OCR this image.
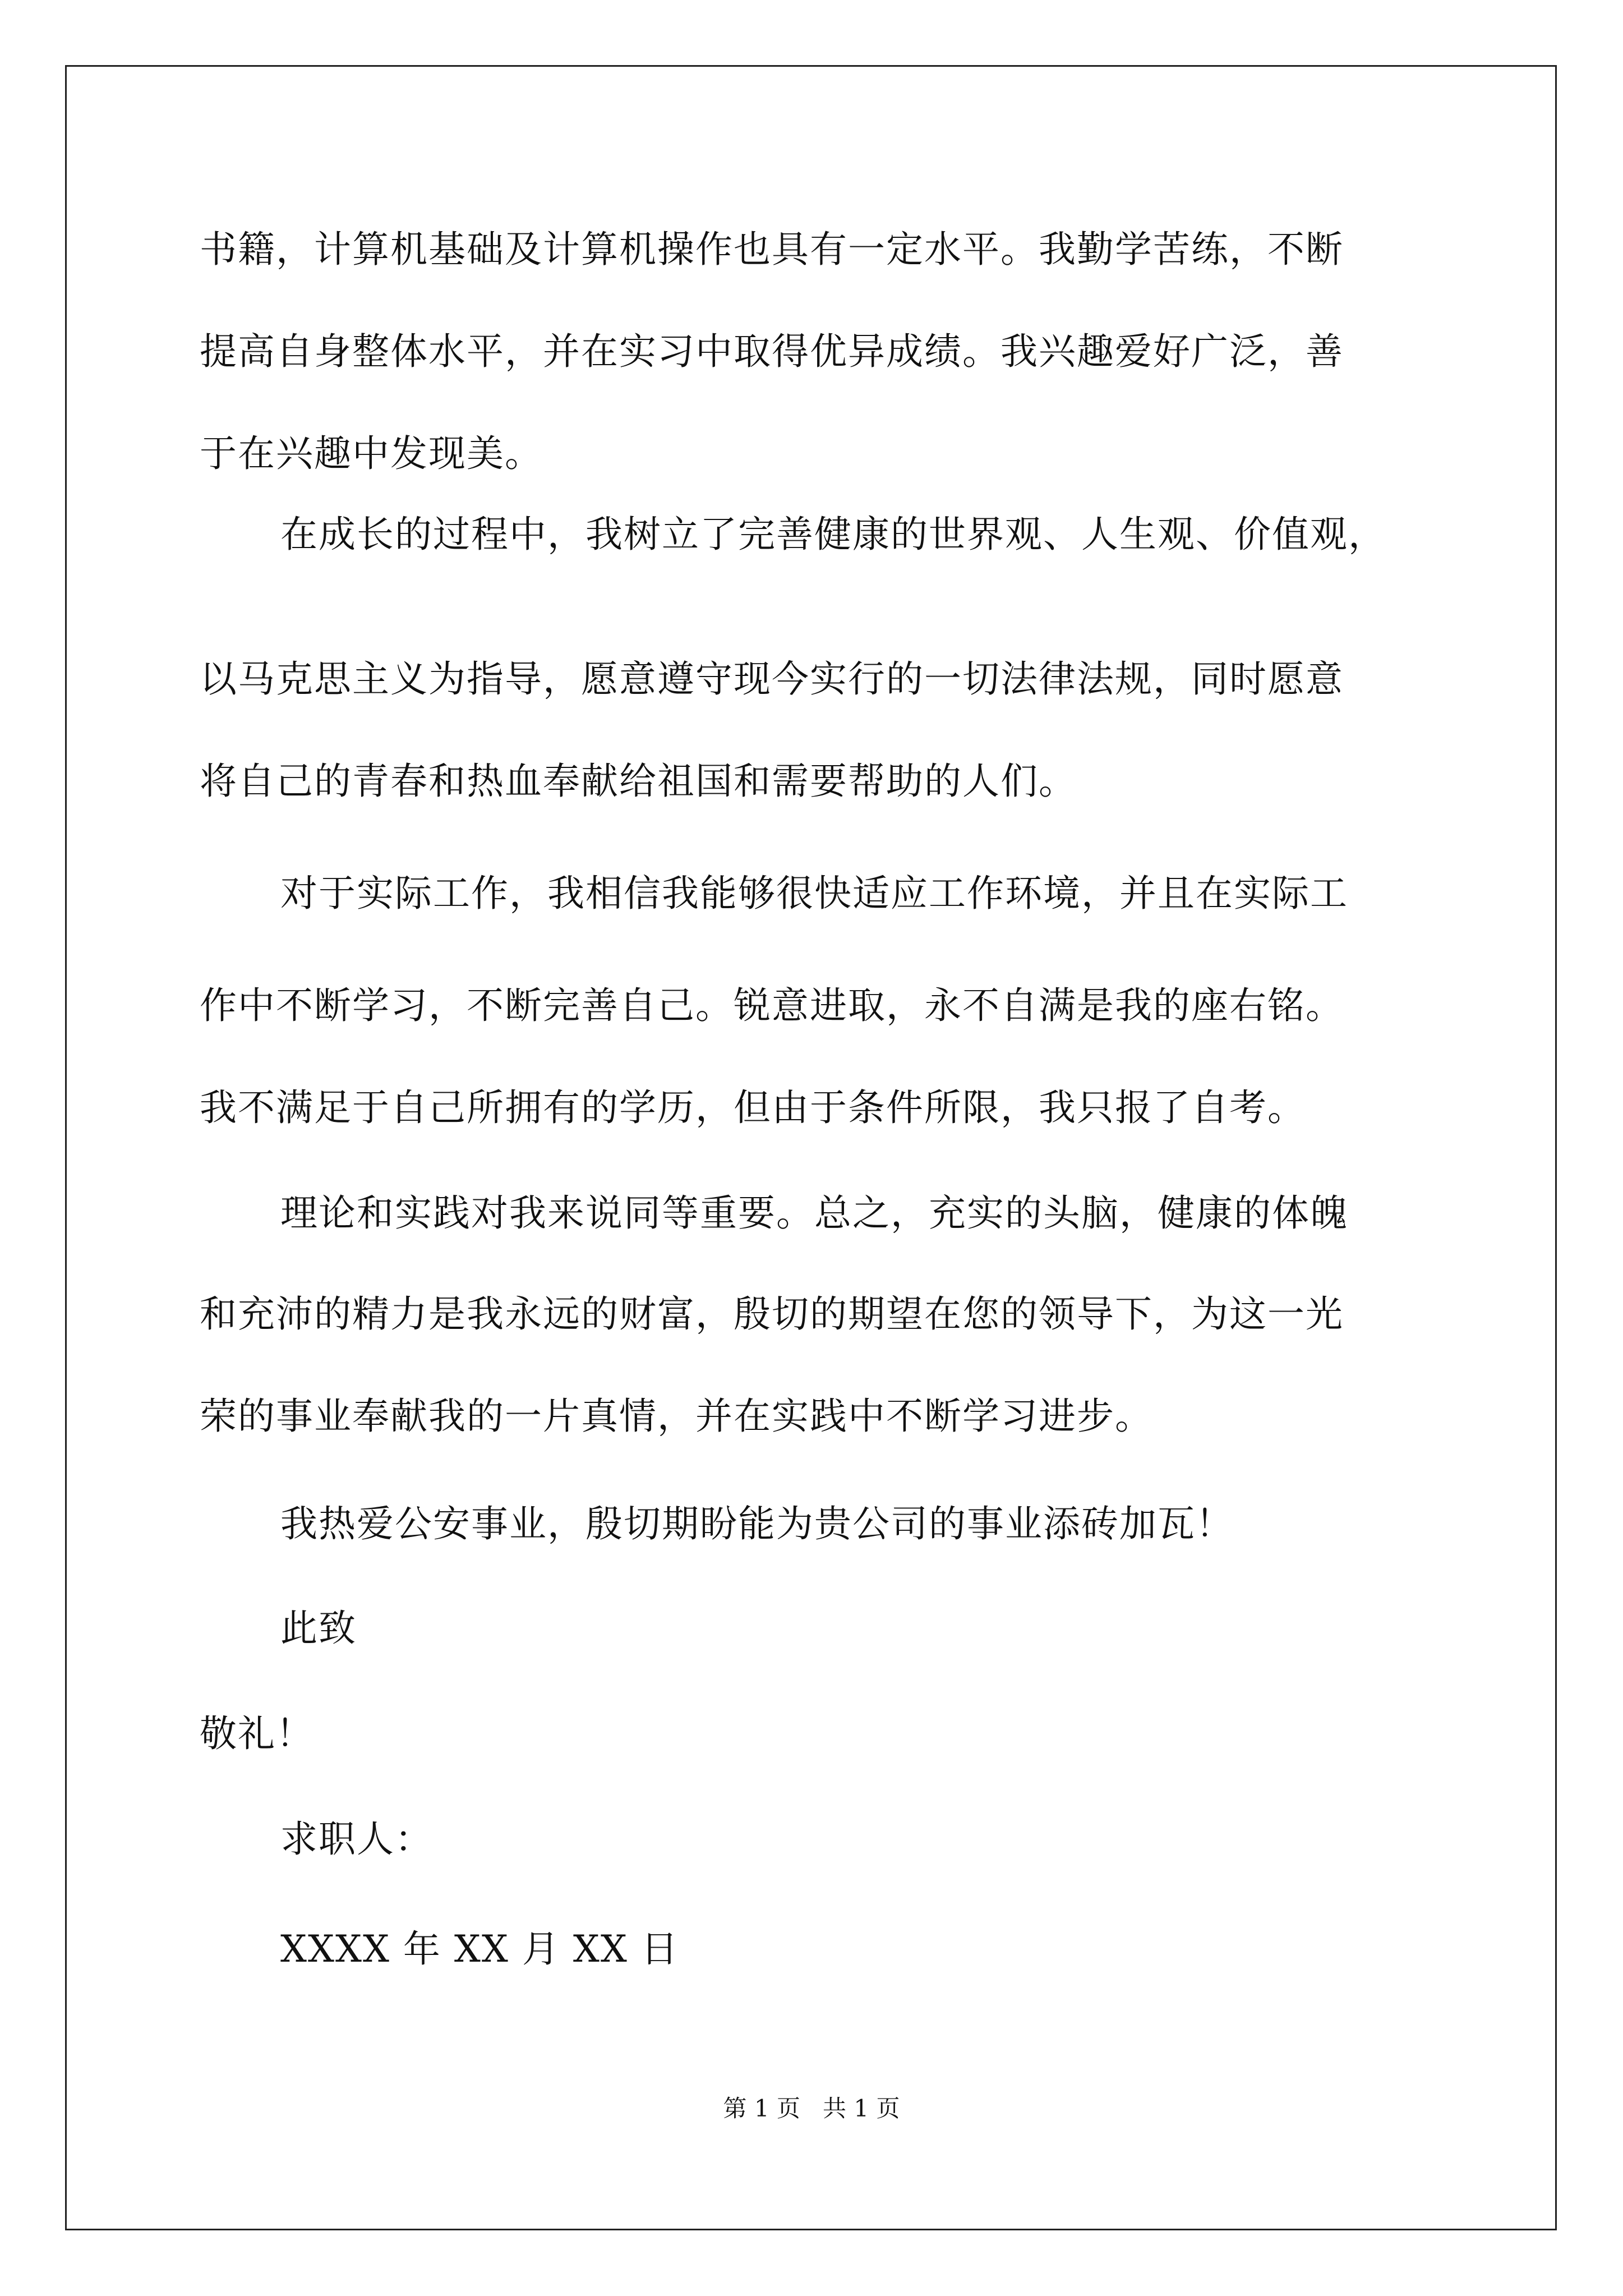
书籍，计算机基础及计算机操作也具有一定水平。我勤学苦练，不断
提高自身整体水平，并在实习中取得优异成绩。我兴趣爱好广泛，善
于在兴趣中发现美。
在成长的过程中，我树立了完善健康的世界观、人生观、价值观，
以马克思主义为指导，愿意遵守现今实行的一切法律法规，同时愿意
将自己的青春和热血奉献给祖国和需要帮助的人们。
对于实际工作，我相信我能够很快适应工作环境，并且在实际工
作中不断学习，不断完善自己。锐意进取，永不自满是我的座右铭。
我不满足于自己所拥有的学历，但由于条件所限，我只报了自考。
理论和实践对我来说同等重要。总之，充实的头脑，健康的体魄
和充沛的精力是我永远的财富，殷切的期望在您的领导下，为这一光
荣的事业奉献我的一片真情，并在实践中不断学习进步。
我热爱公安事业，殷切期盼能为贵公司的事业添砖加瓦！
此致
敬礼！
求职人：
XXXX 年 XX 月 XX 日
第 1 页   共 1 页
